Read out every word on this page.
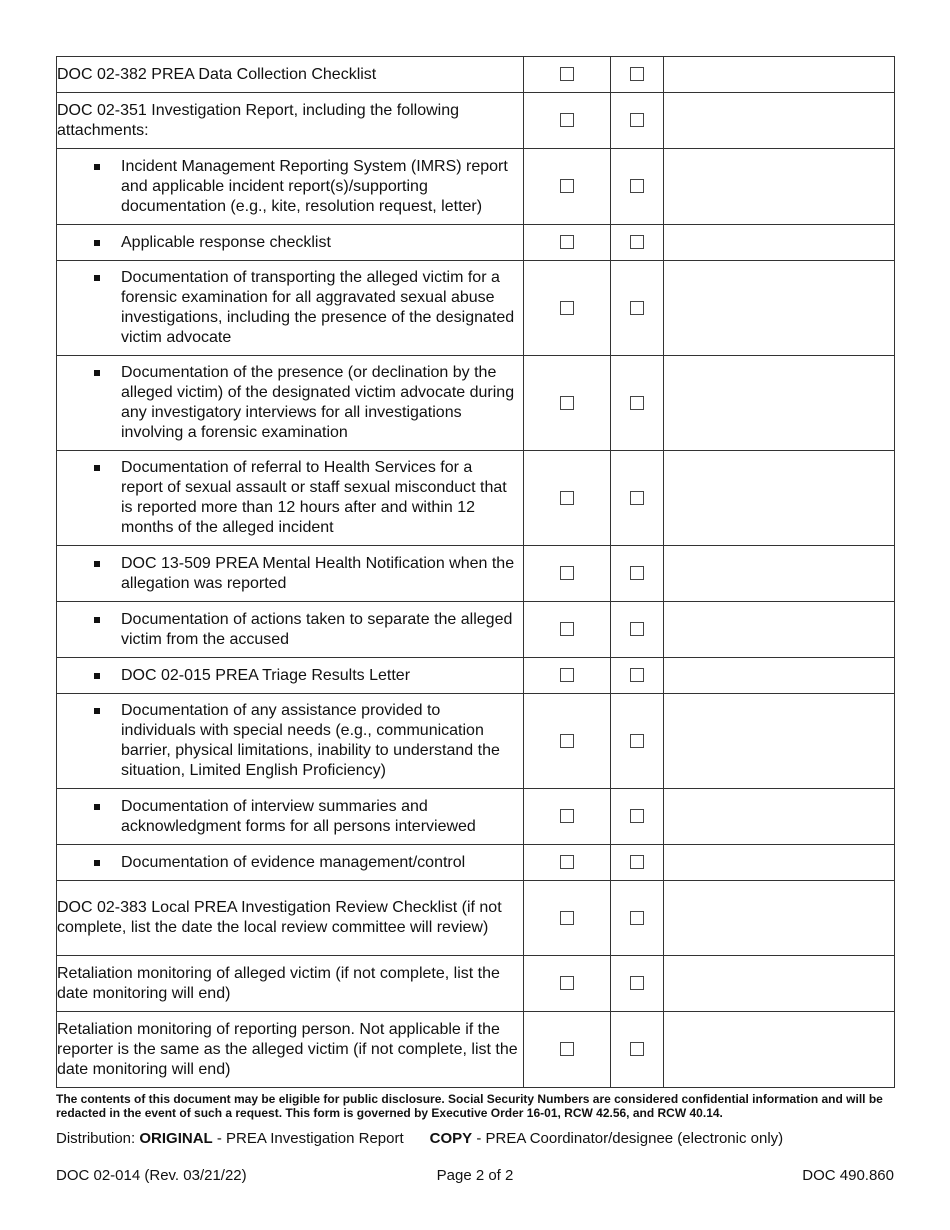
DOC 02-382 PREA Data Collection Checklist			
DOC 02-351 Investigation Report, including the following attachments:			

Incident Management Reporting System (IMRS) report and applicable incident report(s)/supporting documentation (e.g., kite, resolution request, letter)			

Applicable response checklist			

Documentation of transporting the alleged victim for a forensic examination for all aggravated sexual abuse investigations, including the presence of the designated victim advocate			

Documentation of the presence (or declination by the alleged victim) of the designated victim advocate during any investigatory interviews for all investigations involving a forensic examination			

Documentation of referral to Health Services for a report of sexual assault or staff sexual misconduct that is reported more than 12 hours after and within 12 months of the alleged incident			

DOC 13-509 PREA Mental Health Notification when the allegation was reported			

Documentation of actions taken to separate the alleged victim from the accused			

DOC 02-015 PREA Triage Results Letter			

Documentation of any assistance provided to individuals with special needs (e.g., communication barrier, physical limitations, inability to understand the situation, Limited English Proficiency)			

Documentation of interview summaries and acknowledgment forms for all persons interviewed			

Documentation of evidence management/control			

DOC 02-383 Local PREA Investigation Review Checklist (if not complete, list the date the local review committee will review)			
Retaliation monitoring of alleged victim (if not complete, list the date monitoring will end)			
Retaliation monitoring of reporting person. Not applicable if the reporter is the same as the alleged victim (if not complete, list the date monitoring will end)			
The contents of this document may be eligible for public disclosure. Social Security Numbers are considered confidential information and will be redacted in the event of such a request. This form is governed by Executive Order 16-01, RCW 42.56, and RCW 40.14.
Distribution: ORIGINAL - PREA Investigation Report COPY - PREA Coordinator/designee (electronic only)
DOC 02-014 (Rev. 03/21/22)	Page 2 of 2	DOC 490.860
